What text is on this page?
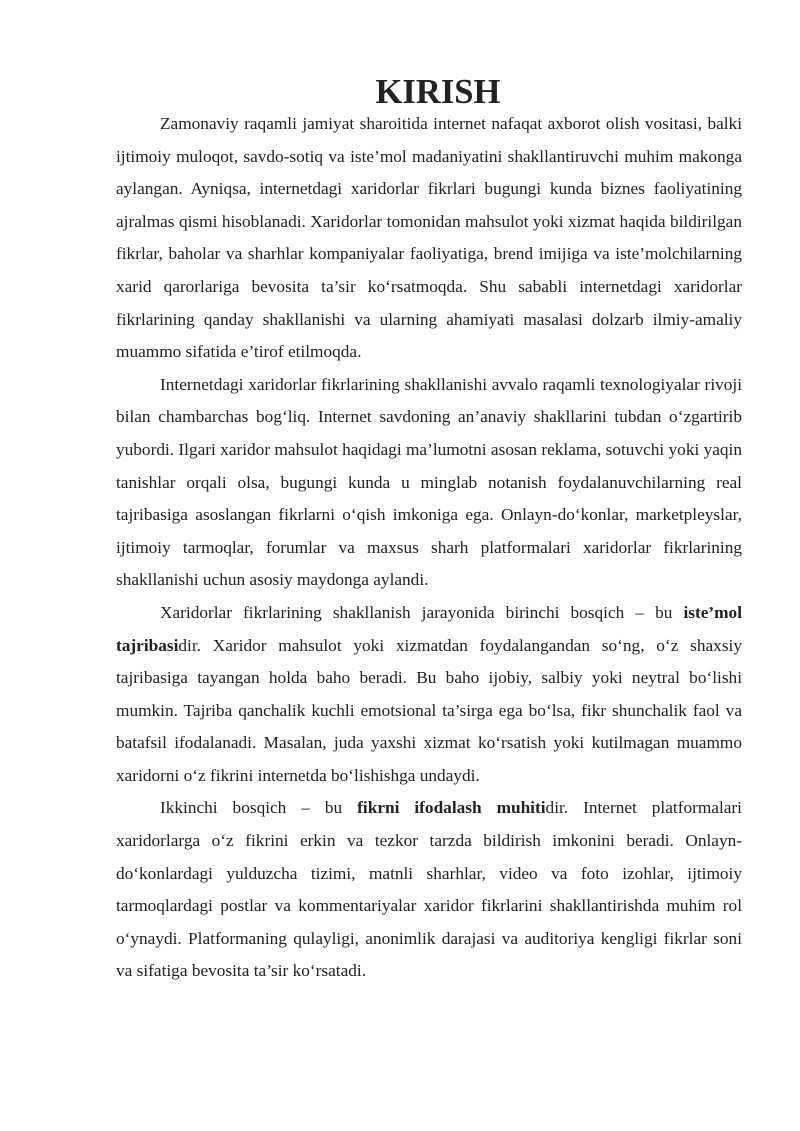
KIRISH

Zamonaviy raqamli jamiyat sharoitida internet nafaqat axborot olish vositasi, balki ijtimoiy muloqot, savdo-sotiq va iste’mol madaniyatini shakllantiruvchi muhim makonga aylangan. Ayniqsa, internetdagi xaridorlar fikrlari bugungi kunda biznes faoliyatining ajralmas qismi hisoblanadi. Xaridorlar tomonidan mahsulot yoki xizmat haqida bildirilgan fikrlar, baholar va sharhlar kompaniyalar faoliyatiga, brend imijiga va iste’molchilarning xarid qarorlariga bevosita ta’sir ko‘rsatmoqda. Shu sababli internetdagi xaridorlar fikrlarining qanday shakllanishi va ularning ahamiyati masalasi dolzarb ilmiy-amaliy muammo sifatida e’tirof etilmoqda.

Internetdagi xaridorlar fikrlarining shakllanishi avvalo raqamli texnologiyalar rivoji bilan chambarchas bog‘liq. Internet savdoning an’anaviy shakllarini tubdan o‘zgartirib yubordi. Ilgari xaridor mahsulot haqidagi ma’lumotni asosan reklama, sotuvchi yoki yaqin tanishlar orqali olsa, bugungi kunda u minglab notanish foydalanuvchilarning real tajribasiga asoslangan fikrlarni o‘qish imkoniga ega. Onlayn-do‘konlar, marketpleyslar, ijtimoiy tarmoqlar, forumlar va maxsus sharh platformalari xaridorlar fikrlarining shakllanishi uchun asosiy maydonga aylandi.

Xaridorlar fikrlarining shakllanish jarayonida birinchi bosqich – bu iste’mol tajribasidir. Xaridor mahsulot yoki xizmatdan foydalangandan so‘ng, o‘z shaxsiy tajribasiga tayangan holda baho beradi. Bu baho ijobiy, salbiy yoki neytral bo‘lishi mumkin. Tajriba qanchalik kuchli emotsional ta’sirga ega bo‘lsa, fikr shunchalik faol va batafsil ifodalanadi. Masalan, juda yaxshi xizmat ko‘rsatish yoki kutilmagan muammo xaridorni o‘z fikrini internetda bo‘lishishga undaydi.

Ikkinchi bosqich – bu fikrni ifodalash muhitidir. Internet platformalari xaridorlarga o‘z fikrini erkin va tezkor tarzda bildirish imkonini beradi. Onlayn-do‘konlardagi yulduzcha tizimi, matnli sharhlar, video va foto izohlar, ijtimoiy tarmoqlardagi postlar va kommentariyalar xaridor fikrlarini shakllantirishda muhim rol o‘ynaydi. Platformaning qulayligi, anonimlik darajasi va auditoriya kengligi fikrlar soni va sifatiga bevosita ta’sir ko‘rsatadi.
